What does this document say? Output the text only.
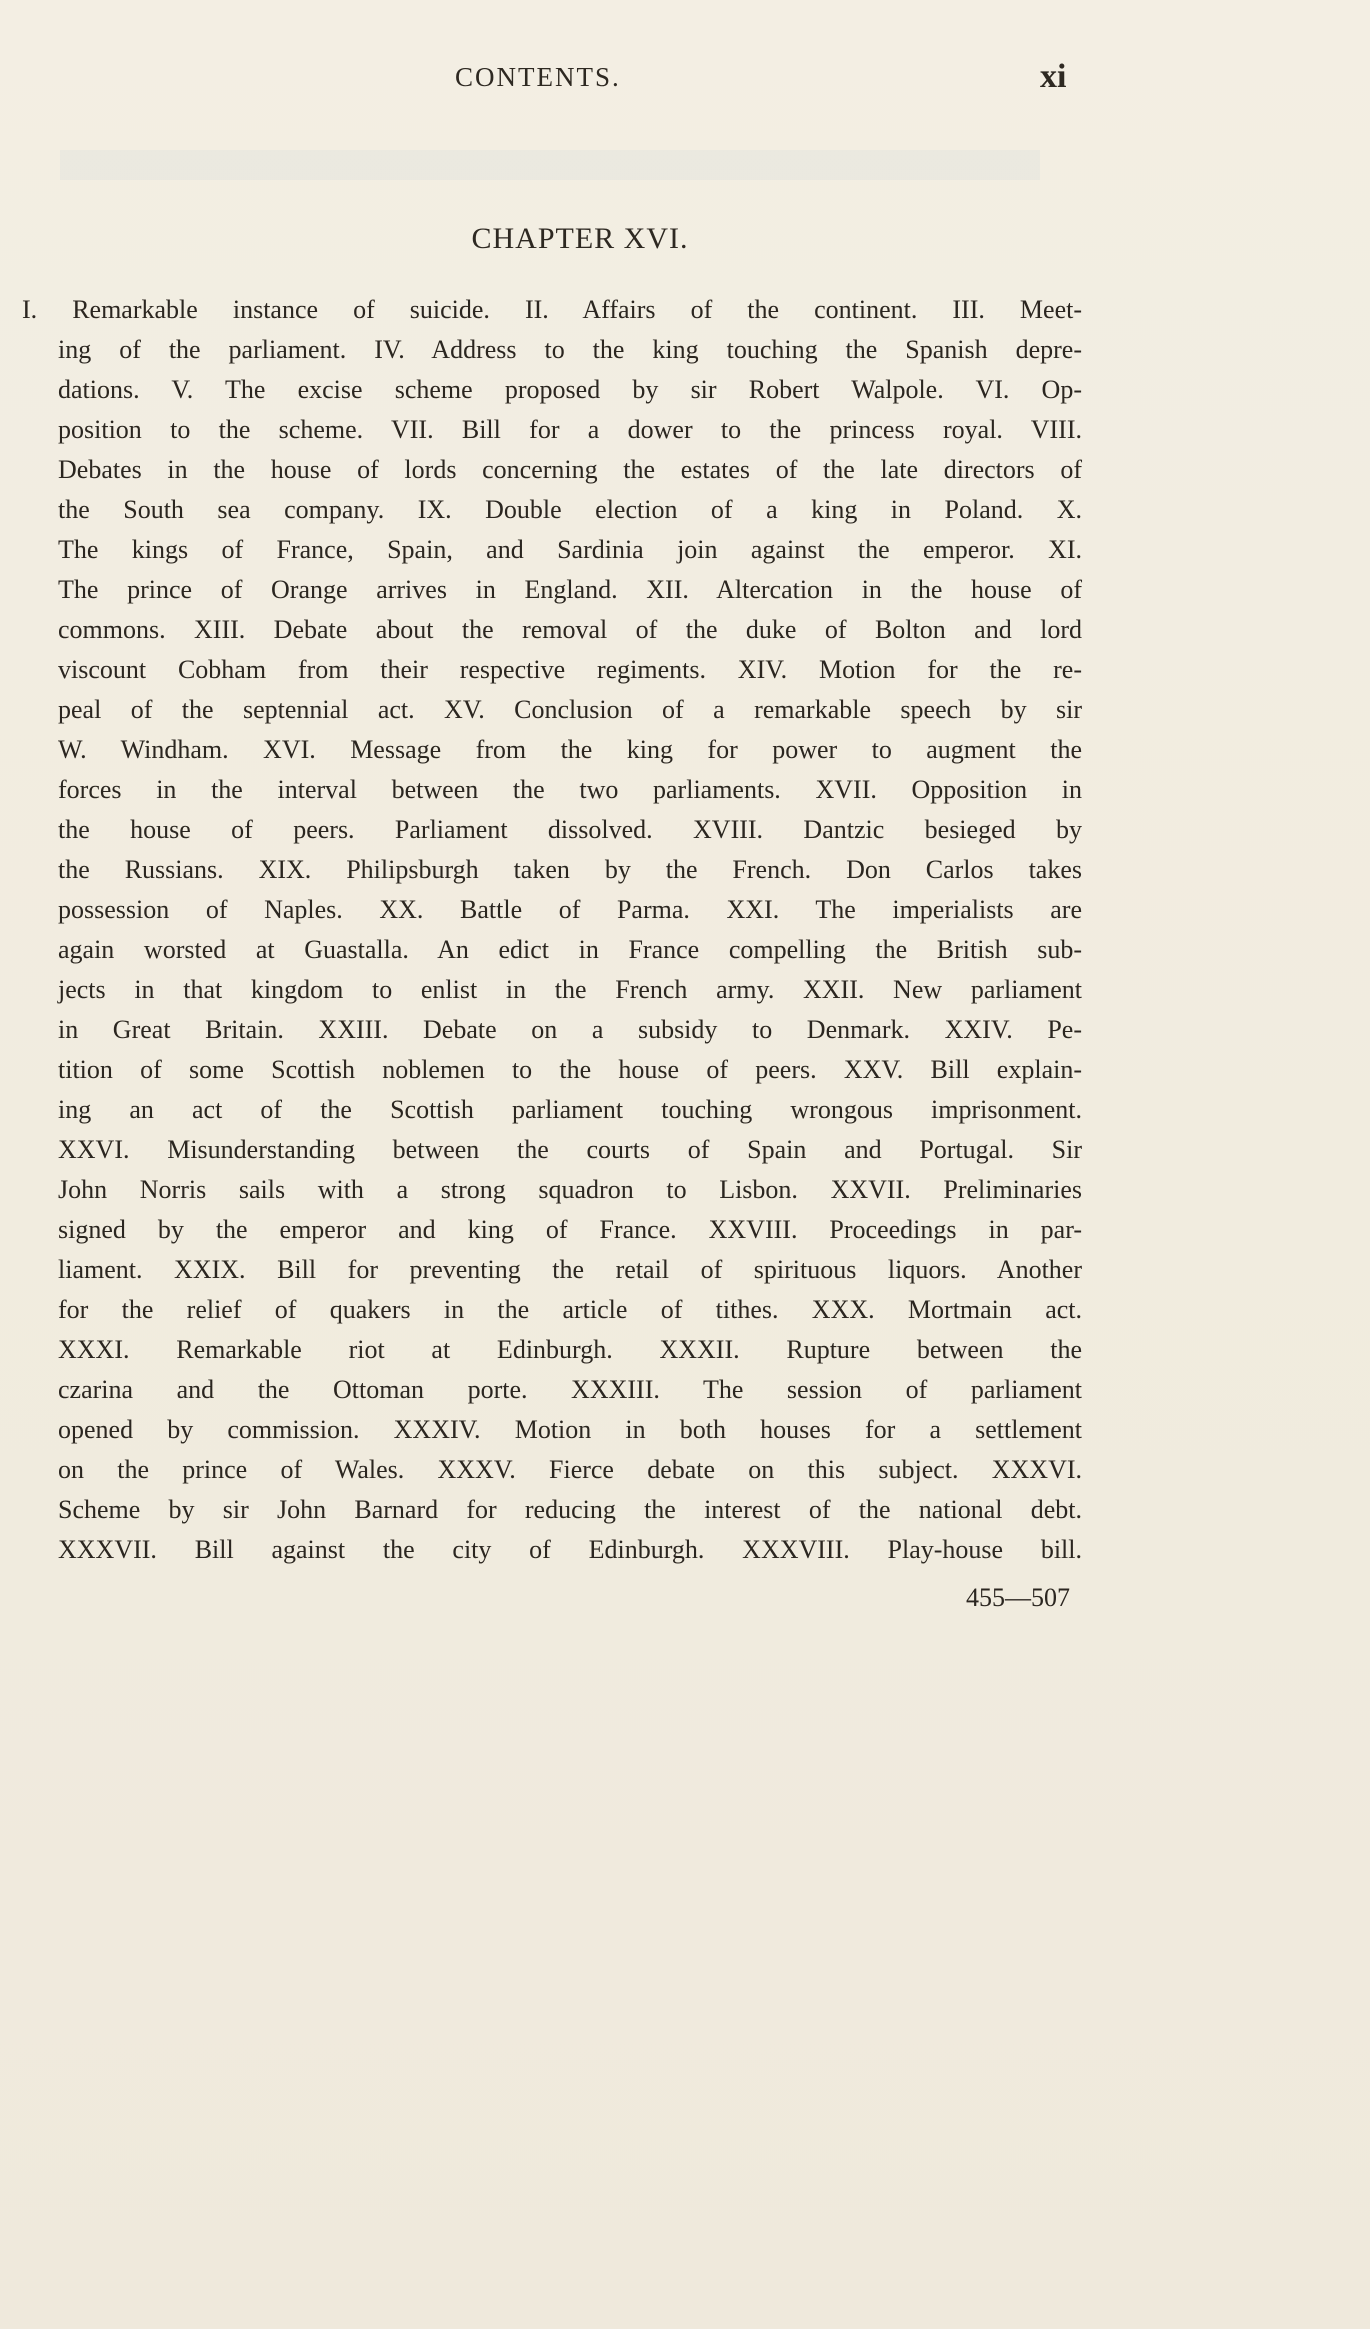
CONTENTS.	xi
CHAPTER XVI.
I. Remarkable instance of suicide. II. Affairs of the continent. III. Meet-
ing of the parliament. IV. Address to the king touching the Spanish depre-
dations. V. The excise scheme proposed by sir Robert Walpole. VI. Op-
position to the scheme. VII. Bill for a dower to the princess royal. VIII.
Debates in the house of lords concerning the estates of the late directors of
the South sea company. IX. Double election of a king in Poland. X.
The kings of France, Spain, and Sardinia join against the emperor. XI.
The prince of Orange arrives in England. XII. Altercation in the house of
commons. XIII. Debate about the removal of the duke of Bolton and lord
viscount Cobham from their respective regiments. XIV. Motion for the re-
peal of the septennial act. XV. Conclusion of a remarkable speech by sir
W. Windham. XVI. Message from the king for power to augment the
forces in the interval between the two parliaments. XVII. Opposition in
the house of peers. Parliament dissolved. XVIII. Dantzic besieged by
the Russians. XIX. Philipsburgh taken by the French. Don Carlos takes
possession of Naples. XX. Battle of Parma. XXI. The imperialists are
again worsted at Guastalla. An edict in France compelling the British sub-
jects in that kingdom to enlist in the French army. XXII. New parliament
in Great Britain. XXIII. Debate on a subsidy to Denmark. XXIV. Pe-
tition of some Scottish noblemen to the house of peers. XXV. Bill explain-
ing an act of the Scottish parliament touching wrongous imprisonment.
XXVI. Misunderstanding between the courts of Spain and Portugal. Sir
John Norris sails with a strong squadron to Lisbon. XXVII. Preliminaries
signed by the emperor and king of France. XXVIII. Proceedings in par-
liament. XXIX. Bill for preventing the retail of spirituous liquors. Another
for the relief of quakers in the article of tithes. XXX. Mortmain act.
XXXI. Remarkable riot at Edinburgh. XXXII. Rupture between the
czarina and the Ottoman porte. XXXIII. The session of parliament
opened by commission. XXXIV. Motion in both houses for a settlement
on the prince of Wales. XXXV. Fierce debate on this subject. XXXVI.
Scheme by sir John Barnard for reducing the interest of the national debt.
XXXVII. Bill against the city of Edinburgh. XXXVIII. Play-house bill.
455—507
